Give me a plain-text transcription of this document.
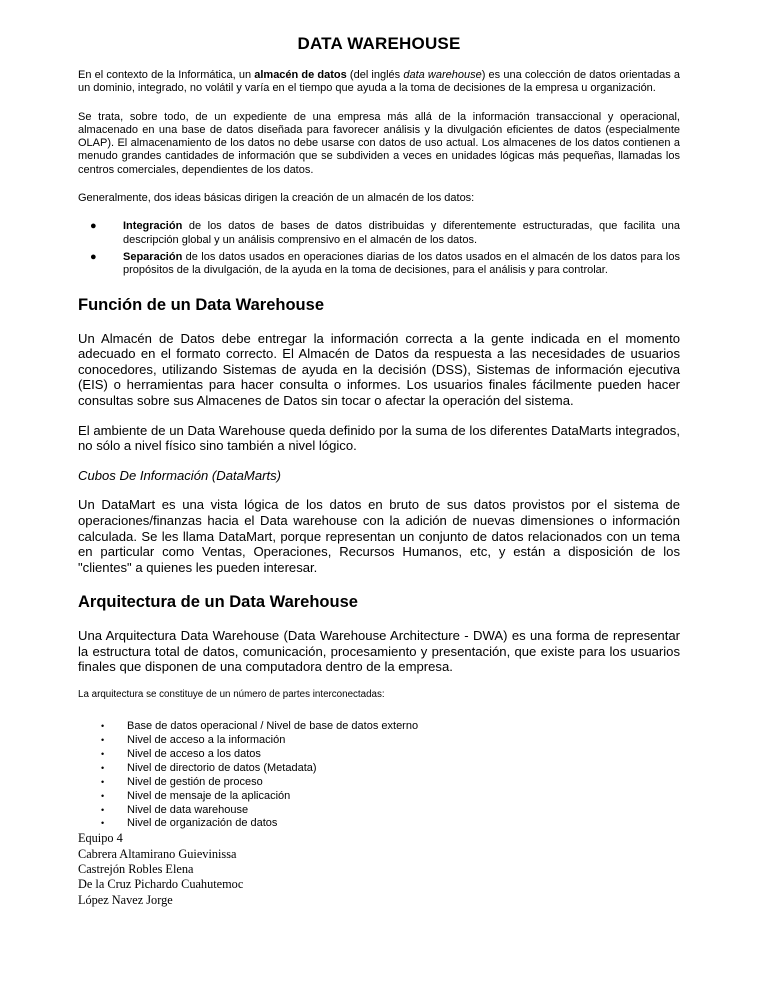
DATA WAREHOUSE

En el contexto de la Informática, un almacén de datos (del inglés data warehouse) es una colección de datos orientadas a un dominio, integrado, no volátil y varía en el tiempo que ayuda a la toma de decisiones de la empresa u organización.

Se trata, sobre todo, de un expediente de una empresa más allá de la información transaccional y operacional, almacenado en una base de datos diseñada para favorecer análisis y la divulgación eficientes de datos (especialmente OLAP). El almacenamiento de los datos no debe usarse con datos de uso actual. Los almacenes de los datos contienen a menudo grandes cantidades de información que se subdividen a veces en unidades lógicas más pequeñas, llamadas los centros comerciales, dependientes de los datos.

Generalmente, dos ideas básicas dirigen la creación de un almacén de los datos:

● Integración de los datos de bases de datos distribuidas y diferentemente estructuradas, que facilita una descripción global y un análisis comprensivo en el almacén de los datos.
● Separación de los datos usados en operaciones diarias de los datos usados en el almacén de los datos para los propósitos de la divulgación, de la ayuda en la toma de decisiones, para el análisis y para controlar.
Función de un Data Warehouse

Un Almacén de Datos debe entregar la información correcta a la gente indicada en el momento adecuado en el formato correcto. El Almacén de Datos da respuesta a las necesidades de usuarios conocedores, utilizando Sistemas de ayuda en la decisión (DSS), Sistemas de información ejecutiva (EIS) o herramientas para hacer consulta o informes. Los usuarios finales fácilmente pueden hacer consultas sobre sus Almacenes de Datos sin tocar o afectar la operación del sistema.

El ambiente de un Data Warehouse queda definido por la suma de los diferentes DataMarts integrados, no sólo a nivel físico sino también a nivel lógico.

Cubos De Información (DataMarts)

Un DataMart es una vista lógica de los datos en bruto de sus datos provistos por el sistema de operaciones/finanzas hacia el Data warehouse con la adición de nuevas dimensiones o información calculada. Se les llama DataMart, porque representan un conjunto de datos relacionados con un tema en particular como Ventas, Operaciones, Recursos Humanos, etc, y están a disposición de los "clientes" a quienes les pueden interesar.

Arquitectura de un Data Warehouse

Una Arquitectura Data Warehouse (Data Warehouse Architecture - DWA) es una forma de representar la estructura total de datos, comunicación, procesamiento y presentación, que existe para los usuarios finales que disponen de una computadora dentro de la empresa.

La arquitectura se constituye de un número de partes interconectadas:

• Base de datos operacional / Nivel de base de datos externo
• Nivel de acceso a la información
• Nivel de acceso a los datos
• Nivel de directorio de datos (Metadata)
• Nivel de gestión de proceso
• Nivel de mensaje de la aplicación
• Nivel de data warehouse
• Nivel de organización de datos
Equipo 4
Cabrera Altamirano Guievinissa
Castrejón Robles Elena
De la Cruz Pichardo Cuahutemoc
López Navez Jorge
